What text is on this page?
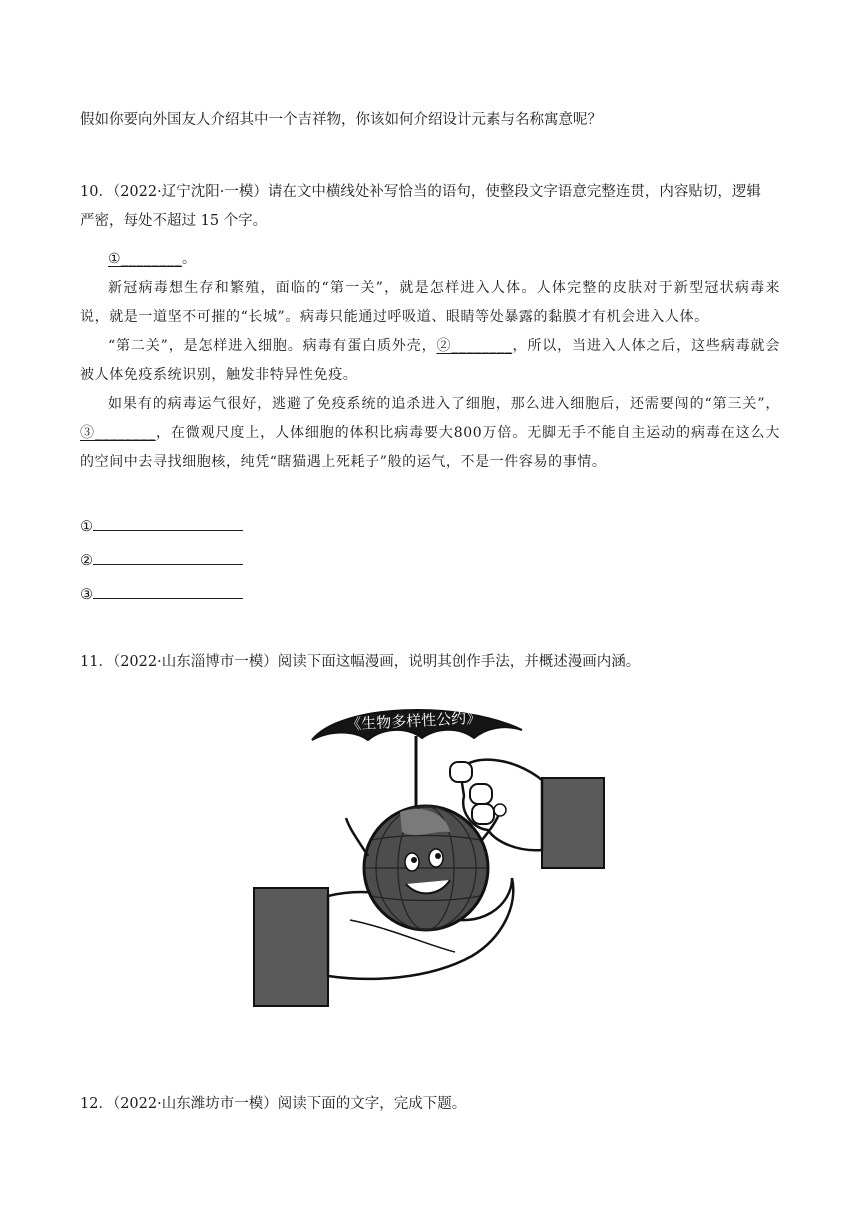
假如你要向外国友人介绍其中一个吉祥物，你该如何介绍设计元素与名称寓意呢？
10．（2022·辽宁沈阳·一模）请在文中横线处补写恰当的语句，使整段文字语意完整连贯，内容贴切，逻辑
严密，每处不超过 15 个字。

①________。

新冠病毒想生存和繁殖，面临的“第一关”，就是怎样进入人体。人体完整的皮肤对于新型冠状病毒来说，就是一道坚不可摧的“长城”。病毒只能通过呼吸道、眼睛等处暴露的黏膜才有机会进入人体。

“第二关”，是怎样进入细胞。病毒有蛋白质外壳，②________，所以，当进入人体之后，这些病毒就会被人体免疫系统识别，触发非特异性免疫。

如果有的病毒运气很好，逃避了免疫系统的追杀进入了细胞，那么进入细胞后，还需要闯的“第三关”，③________，在微观尺度上，人体细胞的体积比病毒要大800万倍。无脚无手不能自主运动的病毒在这么大的空间中去寻找细胞核，纯凭“瞎猫遇上死耗子”般的运气，不是一件容易的事情。

①
②
③
11．（2022·山东淄博市一模）阅读下面这幅漫画，说明其创作手法，并概述漫画内涵。
《生物多样性公约》
12．（2022·山东潍坊市一模）阅读下面的文字，完成下题。
